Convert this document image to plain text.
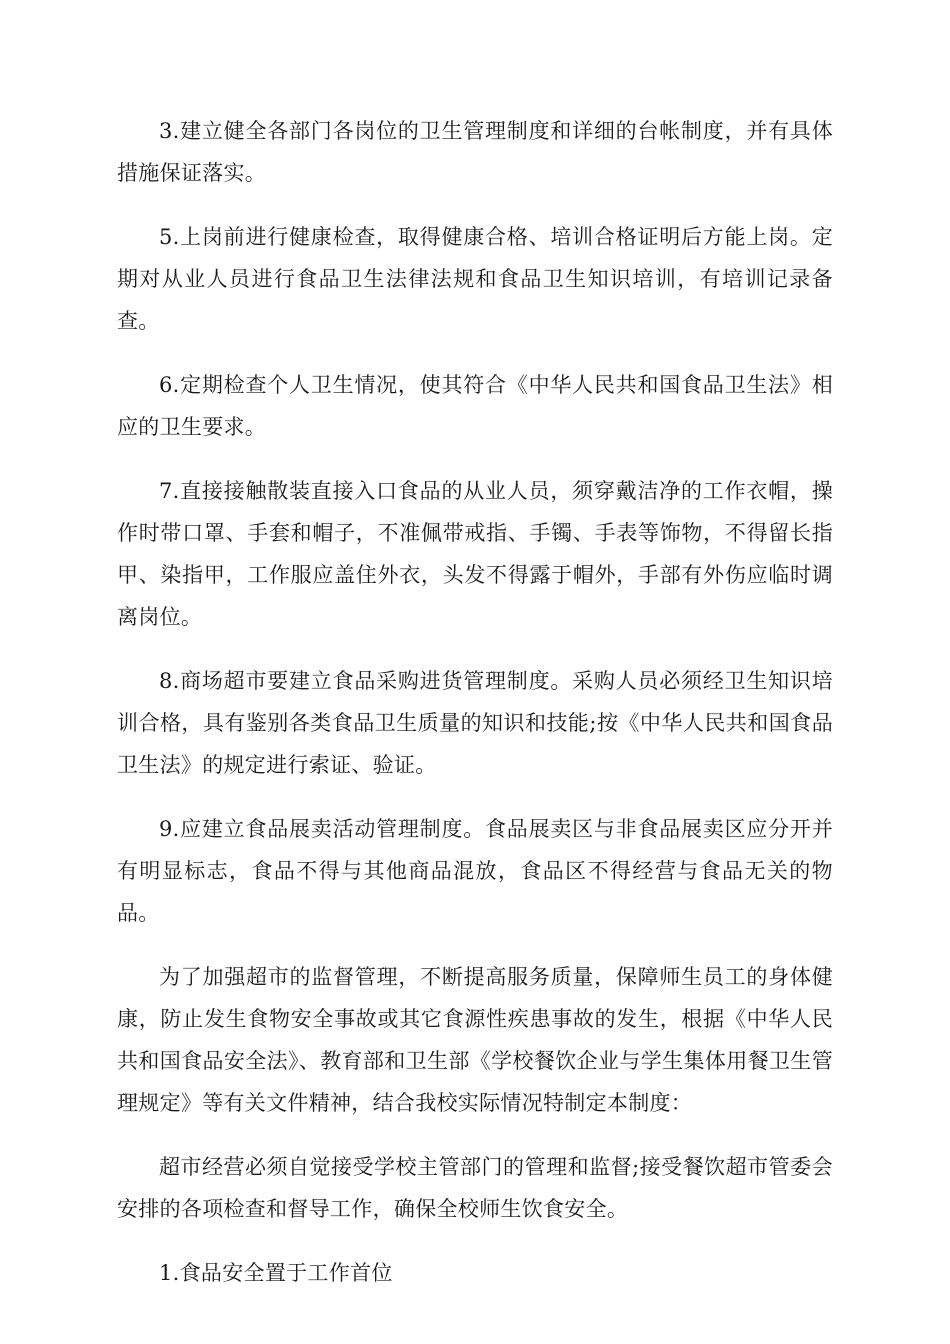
3.建立健全各部门各岗位的卫生管理制度和详细的台帐制度，并有具体措施保证落实。

5.上岗前进行健康检查，取得健康合格、培训合格证明后方能上岗。定期对从业人员进行食品卫生法律法规和食品卫生知识培训，有培训记录备查。

6.定期检查个人卫生情况，使其符合《中华人民共和国食品卫生法》相应的卫生要求。

7.直接接触散装直接入口食品的从业人员，须穿戴洁净的工作衣帽，操作时带口罩、手套和帽子，不准佩带戒指、手镯、手表等饰物，不得留长指甲、染指甲，工作服应盖住外衣，头发不得露于帽外，手部有外伤应临时调离岗位。

8.商场超市要建立食品采购进货管理制度。采购人员必须经卫生知识培训合格，具有鉴别各类食品卫生质量的知识和技能;按《中华人民共和国食品卫生法》的规定进行索证、验证。

9.应建立食品展卖活动管理制度。食品展卖区与非食品展卖区应分开并有明显标志，食品不得与其他商品混放，食品区不得经营与食品无关的物品。

为了加强超市的监督管理，不断提高服务质量，保障师生员工的身体健康，防止发生食物安全事故或其它食源性疾患事故的发生，根据《中华人民共和国食品安全法》、教育部和卫生部《学校餐饮企业与学生集体用餐卫生管理规定》等有关文件精神，结合我校实际情况特制定本制度：

超市经营必须自觉接受学校主管部门的管理和监督;接受餐饮超市管委会安排的各项检查和督导工作，确保全校师生饮食安全。

1.食品安全置于工作首位
